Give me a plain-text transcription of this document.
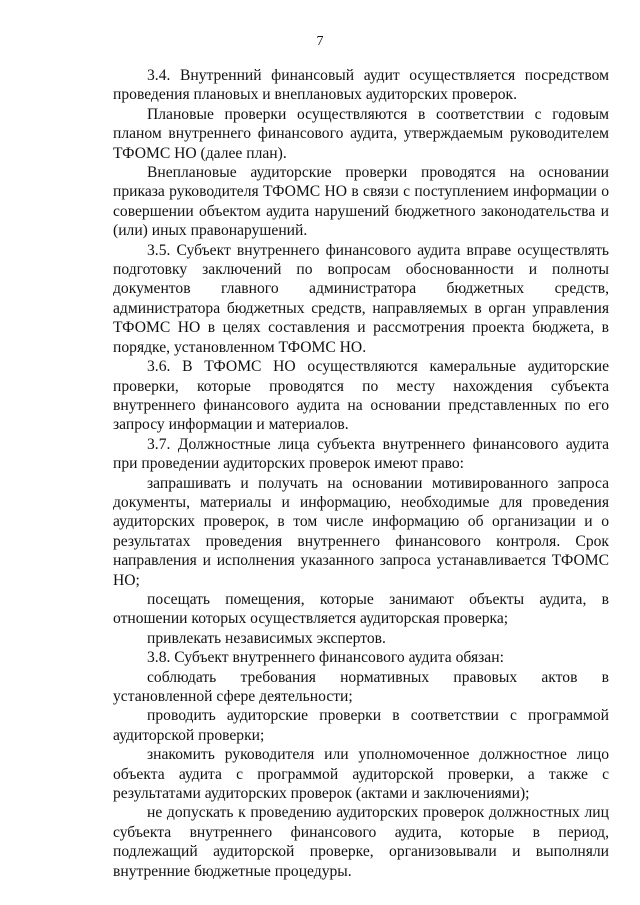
7

3.4. Внутренний финансовый аудит осуществляется посредством проведения плановых и внеплановых аудиторских проверок.

Плановые проверки осуществляются в соответствии с годовым планом внутреннего финансового аудита, утверждаемым руководителем ТФОМС НО (далее план).

Внеплановые аудиторские проверки проводятся на основании приказа руководителя ТФОМС НО в связи с поступлением информации о совершении объектом аудита нарушений бюджетного законодательства и (или) иных правонарушений.

3.5. Субъект внутреннего финансового аудита вправе осуществлять подготовку заключений по вопросам обоснованности и полноты документов главного администратора бюджетных средств, администратора бюджетных средств, направляемых в орган управления ТФОМС НО в целях составления и рассмотрения проекта бюджета, в порядке, установленном ТФОМС НО.

3.6. В ТФОМС НО осуществляются камеральные аудиторские проверки, которые проводятся по месту нахождения субъекта внутреннего финансового аудита на основании представленных по его запросу информации и материалов.

3.7. Должностные лица субъекта внутреннего финансового аудита при проведении аудиторских проверок имеют право:

запрашивать и получать на основании мотивированного запроса документы, материалы и информацию, необходимые для проведения аудиторских проверок, в том числе информацию об организации и о результатах проведения внутреннего финансового контроля. Срок направления и исполнения указанного запроса устанавливается ТФОМС НО;

посещать помещения, которые занимают объекты аудита, в отношении которых осуществляется аудиторская проверка;

привлекать независимых экспертов.

3.8. Субъект внутреннего финансового аудита обязан:

соблюдать требования нормативных правовых актов в установленной сфере деятельности;

проводить аудиторские проверки в соответствии с программой аудиторской проверки;

знакомить руководителя или уполномоченное должностное лицо объекта аудита с программой аудиторской проверки, а также с результатами аудиторских проверок (актами и заключениями);

не допускать к проведению аудиторских проверок должностных лиц субъекта внутреннего финансового аудита, которые в период, подлежащий аудиторской проверке, организовывали и выполняли внутренние бюджетные процедуры.
